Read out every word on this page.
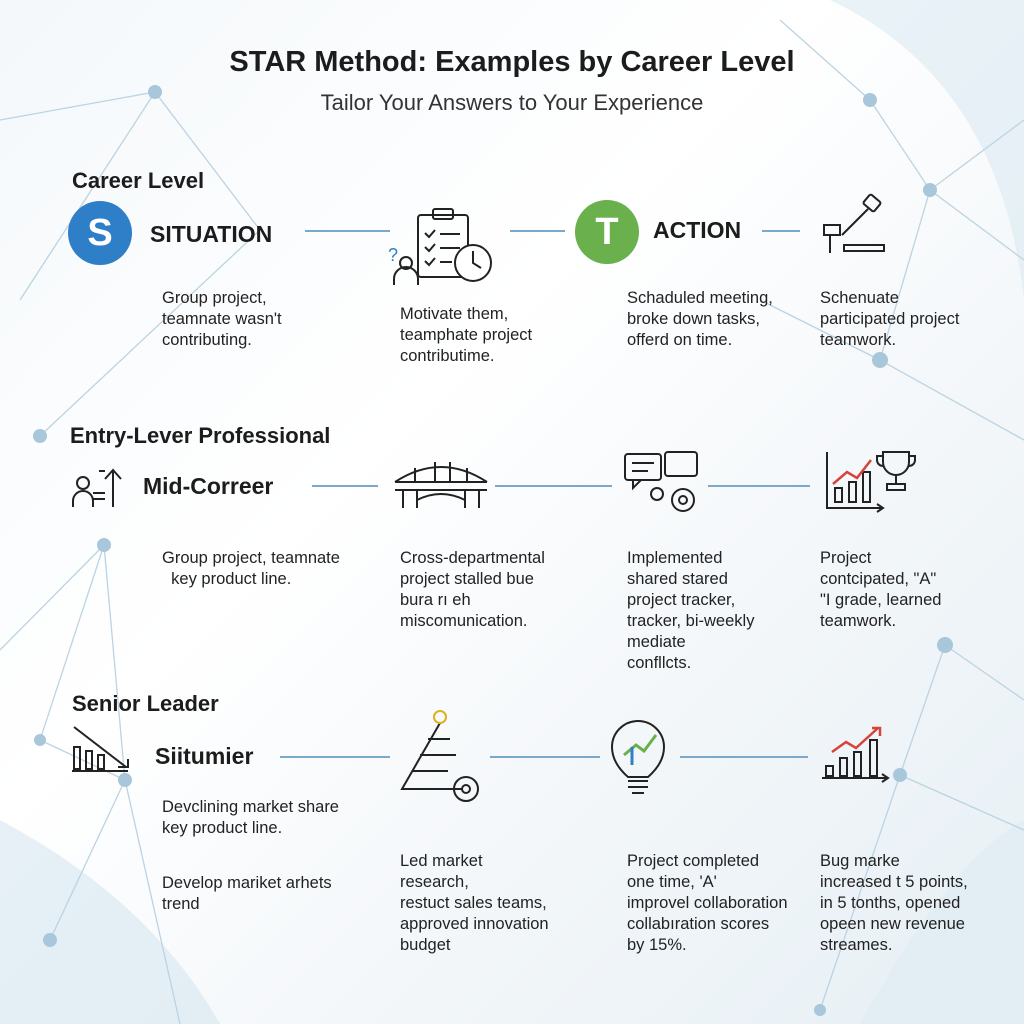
STAR Method: Examples by Career Level
Tailor Your Answers to Your Experience
Career Level
S	SITUATION
?
T	ACTION
Group project,
teamnate wasn't
contributing.
Motivate them,
teamphate project
contributime.
Schaduled meeting,
broke down tasks,
offerd on time.
Schenuate
participated project
teamwork.
Entry-Lever Professional
Mid-Correer
Group project, teamnate
key product line.
Cross-departmental
project stalled bue
bura rı eh
miscomunication.
Implemented
shared stared
project tracker,
tracker, bi-weekly
mediate
confllcts.
Project
contcipated, "A"
"I grade, learned
teamwork.
Senior Leader
Siitumier
Devclining market share
key product line.
Develop mariket arhets
trend
Led market
research,
restuct sales teams,
approved innovation
budget
Project completed
one time, 'A'
improvel collaboration
collabıration scores
by 15%.
Bug marke
increased t 5 points,
in 5 tonths, opened
opeen new revenue
streames.
